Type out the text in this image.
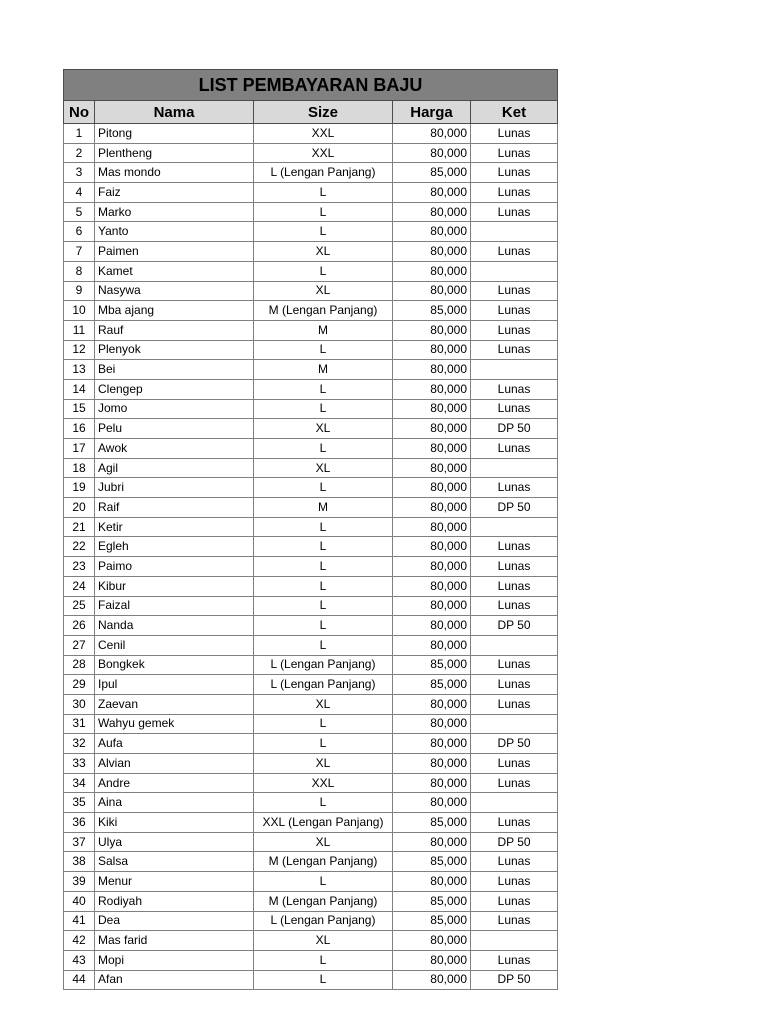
LIST PEMBAYARAN BAJU				
No	Nama	Size	Harga	Ket
1	Pitong	XXL	80,000	Lunas
2	Plentheng	XXL	80,000	Lunas
3	Mas mondo	L (Lengan Panjang)	85,000	Lunas
4	Faiz	L	80,000	Lunas
5	Marko	L	80,000	Lunas
6	Yanto	L	80,000	
7	Paimen	XL	80,000	Lunas
8	Kamet	L	80,000	
9	Nasywa	XL	80,000	Lunas
10	Mba ajang	M (Lengan Panjang)	85,000	Lunas
11	Rauf	M	80,000	Lunas
12	Plenyok	L	80,000	Lunas
13	Bei	M	80,000	
14	Clengep	L	80,000	Lunas
15	Jomo	L	80,000	Lunas
16	Pelu	XL	80,000	DP 50
17	Awok	L	80,000	Lunas
18	Agil	XL	80,000	
19	Jubri	L	80,000	Lunas
20	Raif	M	80,000	DP 50
21	Ketir	L	80,000	
22	Egleh	L	80,000	Lunas
23	Paimo	L	80,000	Lunas
24	Kibur	L	80,000	Lunas
25	Faizal	L	80,000	Lunas
26	Nanda	L	80,000	DP 50
27	Cenil	L	80,000	
28	Bongkek	L (Lengan Panjang)	85,000	Lunas
29	Ipul	L (Lengan Panjang)	85,000	Lunas
30	Zaevan	XL	80,000	Lunas
31	Wahyu gemek	L	80,000	
32	Aufa	L	80,000	DP 50
33	Alvian	XL	80,000	Lunas
34	Andre	XXL	80,000	Lunas
35	Aina	L	80,000	
36	Kiki	XXL (Lengan Panjang)	85,000	Lunas
37	Ulya	XL	80,000	DP 50
38	Salsa	M (Lengan Panjang)	85,000	Lunas
39	Menur	L	80,000	Lunas
40	Rodiyah	M (Lengan Panjang)	85,000	Lunas
41	Dea	L (Lengan Panjang)	85,000	Lunas
42	Mas farid	XL	80,000	
43	Mopi	L	80,000	Lunas
44	Afan	L	80,000	DP 50
